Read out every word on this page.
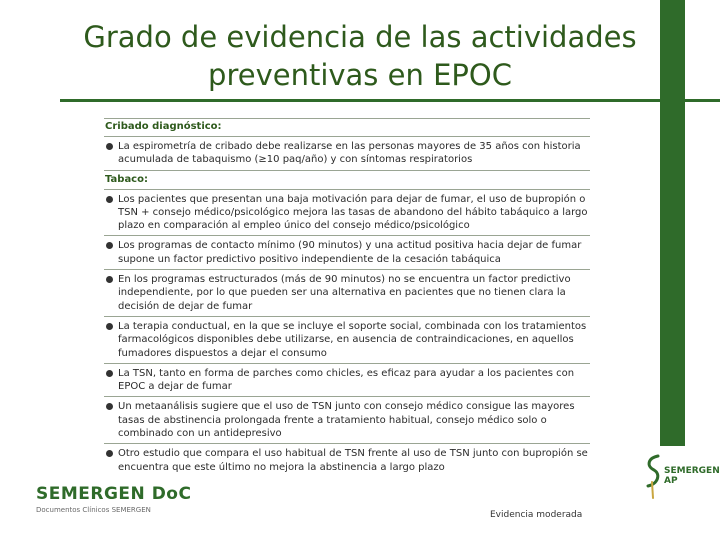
Grado de evidencia de las actividades
preventivas en EPOC
Cribado diagnóstico:
La espirometría de cribado debe realizarse en las personas mayores de 35 años con historia acumulada de tabaquismo (≥10 paq/año) y con síntomas respiratorios
Tabaco:
Los pacientes que presentan una baja motivación para dejar de fumar, el uso de bupropión o TSN + consejo médico/psicológico mejora las tasas de abandono del hábito tabáquico a largo plazo en comparación al empleo único del consejo médico/psicológico
Los programas de contacto mínimo (90 minutos) y una actitud positiva hacia dejar de fumar supone un factor predictivo positivo independiente de la cesación tabáquica
En los programas estructurados (más de 90 minutos) no se encuentra un factor predictivo independiente, por lo que pueden ser una alternativa en pacientes que no tienen clara la decisión de dejar de fumar
La terapia conductual, en la que se incluye el soporte social, combinada con los tratamientos farmacológicos disponibles debe utilizarse, en ausencia de contraindicaciones, en aquellos fumadores dispuestos a dejar el consumo
La TSN, tanto en forma de parches como chicles, es eficaz para ayudar a los pacientes con EPOC a dejar de fumar
Un metaanálisis sugiere que el uso de TSN junto con consejo médico consigue las mayores tasas de abstinencia prolongada frente a tratamiento habitual, consejo médico solo o combinado con un antidepresivo
Otro estudio que compara el uso habitual de TSN frente al uso de TSN junto con bupropión se encuentra que este último no mejora la abstinencia a largo plazo
SEMERGEN DoC
Documentos Clínicos SEMERGEN
SEMERGEN AP
Evidencia moderada
